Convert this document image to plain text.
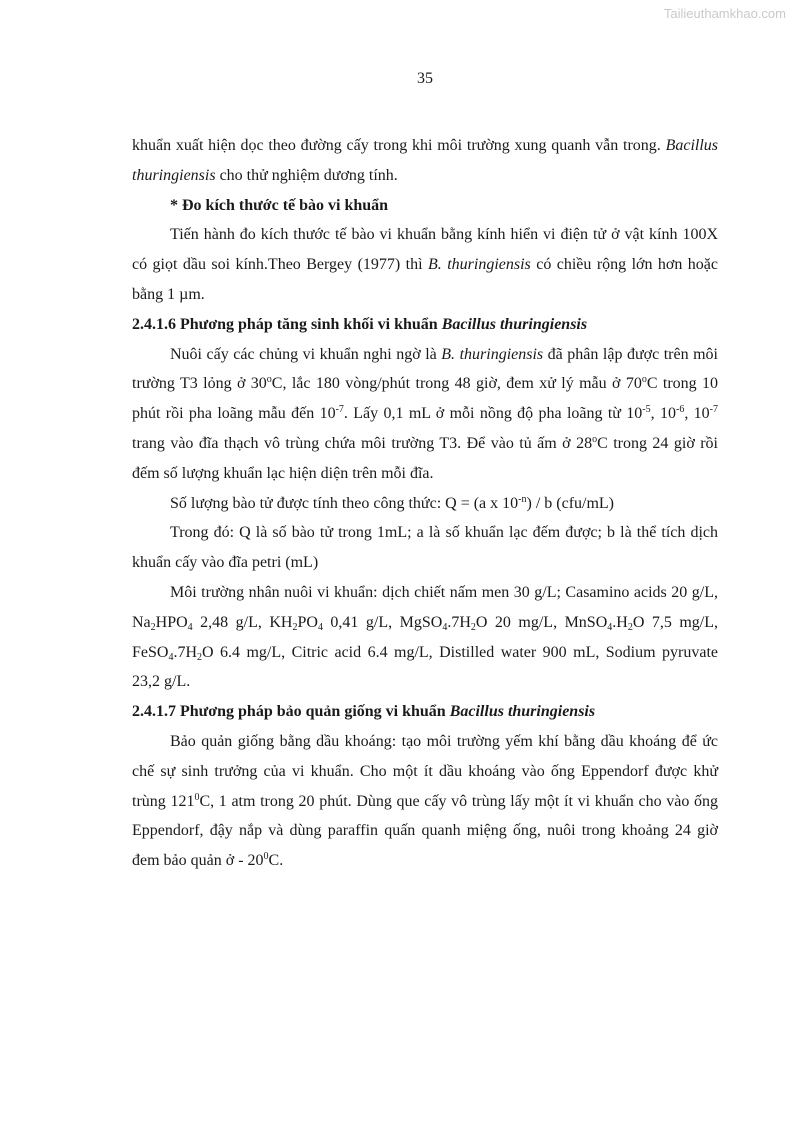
Tailieuthamkhao.com
35

khuẩn xuất hiện dọc theo đường cấy trong khi môi trường xung quanh vẫn trong. Bacillus thuringiensis cho thử nghiệm dương tính.

* Đo kích thước tế bào vi khuẩn

Tiến hành đo kích thước tế bào vi khuẩn bằng kính hiển vi điện tử ở vật kính 100X có giọt dầu soi kính.Theo Bergey (1977) thì B. thuringiensis có chiều rộng lớn hơn hoặc bằng 1 µm.

2.4.1.6 Phương pháp tăng sinh khối vi khuẩn Bacillus thuringiensis

Nuôi cấy các chủng vi khuẩn nghi ngờ là B. thuringiensis đã phân lập được trên môi trường T3 lỏng ở 30$^o$C, lắc 180 vòng/phút trong 48 giờ, đem xử lý mẫu ở 70$^o$C trong 10 phút rồi pha loãng mẫu đến $10^{-7}$. Lấy 0,1 mL ở mỗi nồng độ pha loãng từ $10^{-5}$, $10^{-6}$, $10^{-7}$ trang vào đĩa thạch vô trùng chứa môi trường T3. Để vào tủ ấm ở 28$^o$C trong 24 giờ rồi đếm số lượng khuẩn lạc hiện diện trên mỗi đĩa.

Số lượng bào tử được tính theo công thức: Q = (a x $10^{-n}$) / b (cfu/mL)

Trong đó: Q là số bào tử trong 1mL; a là số khuẩn lạc đếm được; b là thể tích dịch khuẩn cấy vào đĩa petri (mL)

Môi trường nhân nuôi vi khuẩn: dịch chiết nấm men 30 g/L; Casamino acids 20 g/L, $Na_2HPO_4$ 2,48 g/L, $KH_2PO_4$ 0,41 g/L, $MgSO_4.7H_2O$ 20 mg/L, $MnSO_4.H_2O$ 7,5 mg/L, $FeSO_4.7H_2O$ 6.4 mg/L, Citric acid 6.4 mg/L, Distilled water 900 mL, Sodium pyruvate 23,2 g/L.

2.4.1.7 Phương pháp bảo quản giống vi khuẩn Bacillus thuringiensis

Bảo quản giống bằng dầu khoáng: tạo môi trường yếm khí bằng dầu khoáng để ức chế sự sinh trưởng của vi khuẩn. Cho một ít dầu khoáng vào ống Eppendorf được khử trùng $121^0C$, 1 atm trong 20 phút. Dùng que cấy vô trùng lấy một ít vi khuẩn cho vào ống Eppendorf, đậy nắp và dùng paraffin quấn quanh miệng ống, nuôi trong khoảng 24 giờ đem bảo quản ở - $20^0C$.
